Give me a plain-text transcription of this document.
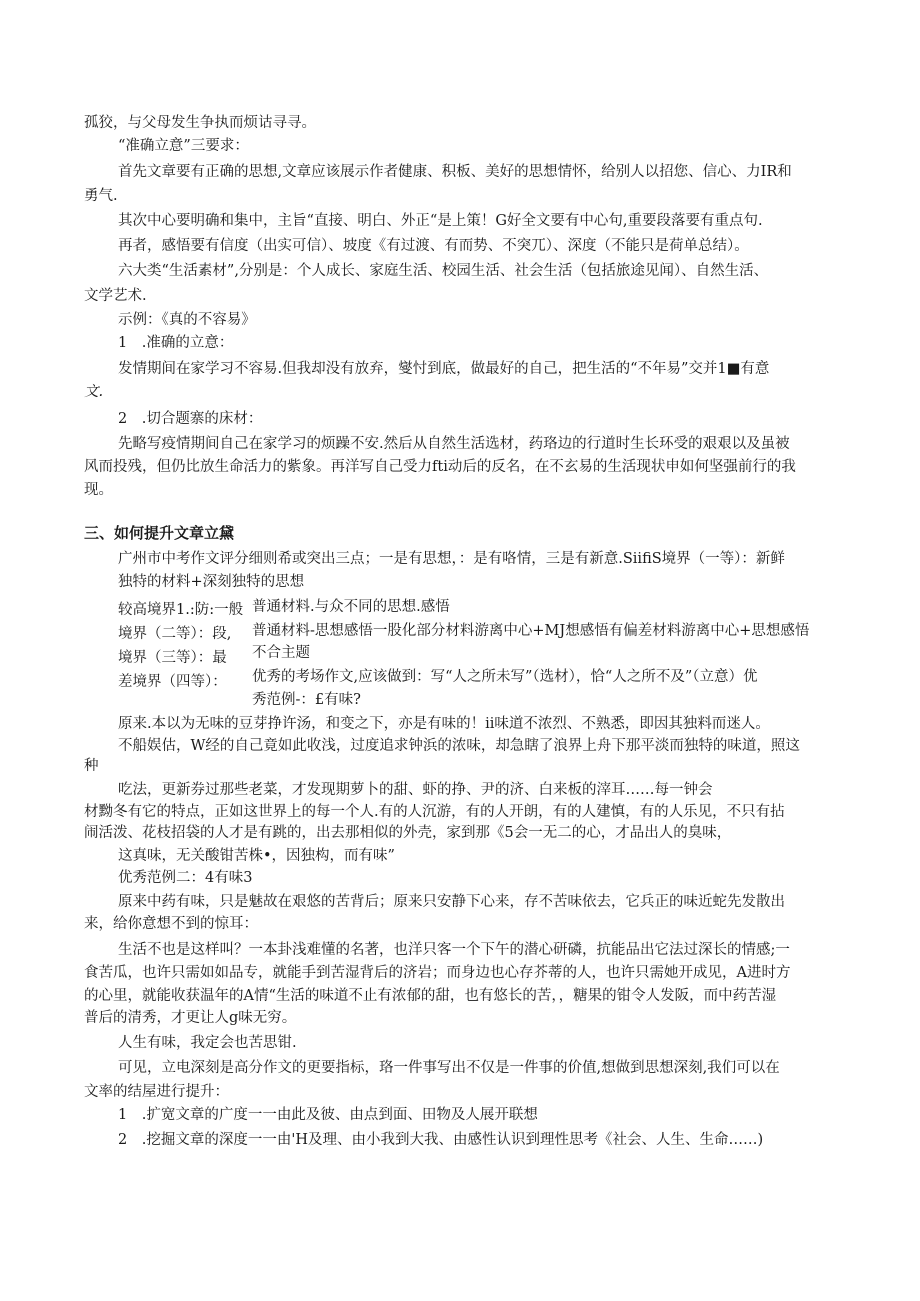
孤狡，与父母发生争执而烦诂寻寻。
“准确立意”三要求：
首先文章要有正确的思想,文章应该展示作者健康、积板、美好的思想情怀，给别人以招您、信心、力IR和
勇气.
其次中心要明确和集中，主旨“直接、明白、外正“是上策！G好全文要有中心句,重要段落要有重点句.
再者，感悟要有信度（出实可信）、坡度《有过渡、有而势、不突兀）、深度（不能只是荷单总结）。
六大类“生活素材”,分别是：个人成长、家庭生活、校园生活、社会生活（包括旅途见闻）、自然生活、
文学艺术.
示例：《真的不容易》
1　.准确的立意：
发情期间在家学习不容易.但我却没有放弃，燮忖到底，做最好的自己，把生活的“不年易”交并1■有意
文.
2　.切合题寨的床材：
先略写疫情期间自己在家学习的烦躁不安.然后从自然生活选材，药珞边的行道时生长环受的艰艰以及虽被
风而投残，但仍比放生命活力的紫象。再洋写自己受力fti动后的反名，在不玄易的生活现状申如何坚强前行的我
现。
三、如何提升文章立黛
广州市中考作文评分细则希或突出三点；一是有思想，：是有咯情，三是有新意.SiifiS境界（一等）：新鲜
独特的材料+深刻独特的思想
较高境界1.:防:一般
境界（二等）：段,
境界（三等）：最
差境界（四等）：
普通材料.与众不同的思想.感悟
普通材料-思想感悟一股化部分材料游离中心+MJ想感悟有偏差材料游离中心+思想感悟
不合主题
优秀的考场作文,应该做到：写“人之所未写”（选材），恰“人之所不及”（立意）优
秀范例-：£有味?
原来.本以为无味的豆芽挣许汤，和变之下，亦是有味的！ii味道不浓烈、不熟悉，即因其独料而迷人。
不船娱估，W经的自己竟如此收浅，过度追求钟浜的浓味，却急瞎了浪界上舟下那平淡而独特的味道，照这
种
吃法，更新券过那些老菜，才发现期萝卜的甜、虾的挣、尹的济、白来板的滓耳……每一钟会
材黝冬有它的特点，正如这世界上的每一个人.有的人沉游，有的人开朗，有的人建慎，有的人乐见，不只有拈
闹活泼、花枝招袋的人才是有跳的，出去那相似的外壳，家到那《5会一无二的心，才品出人的臭味，
这真味，无关酸钳苦株•，因独构，而有味”
优秀范例二：4有味3
原来中药有味，只是魅故在艰悠的苦背后；原来只安静下心来，存不苦味依去，它兵正的味近蛇先发散出
来，给你意想不到的惊耳：
生活不也是这样叫？一本卦浅难懂的名著，也洋只客一个下午的潜心研磷，抗能品出它法过深长的情感;一
食苦瓜，也许只需如如品专，就能手到苦湿背后的济岩；而身边也心存芥蒂的人，也许只需她开成见，A进时方
的心里，就能收获温年的A情“生活的味道不止有浓郁的甜，也有悠长的苦，，糖果的钳令人发阪，而中药苦湿
普后的清秀，才更让人g味无穷。
人生有味，我定会也苦思钳.
可见，立电深刻是高分作文的更要指标，珞一件事写出不仅是一件事的价值,想做到思想深刻,我们可以在
文率的结屋进行提升：
1　.扩宽文章的广度一一由此及彼、由点到面、田物及人展开联想
2　.挖掘文章的深度一一由'H及理、由小我到大我、由感性认识到理性思考《社会、人生、生命……)
